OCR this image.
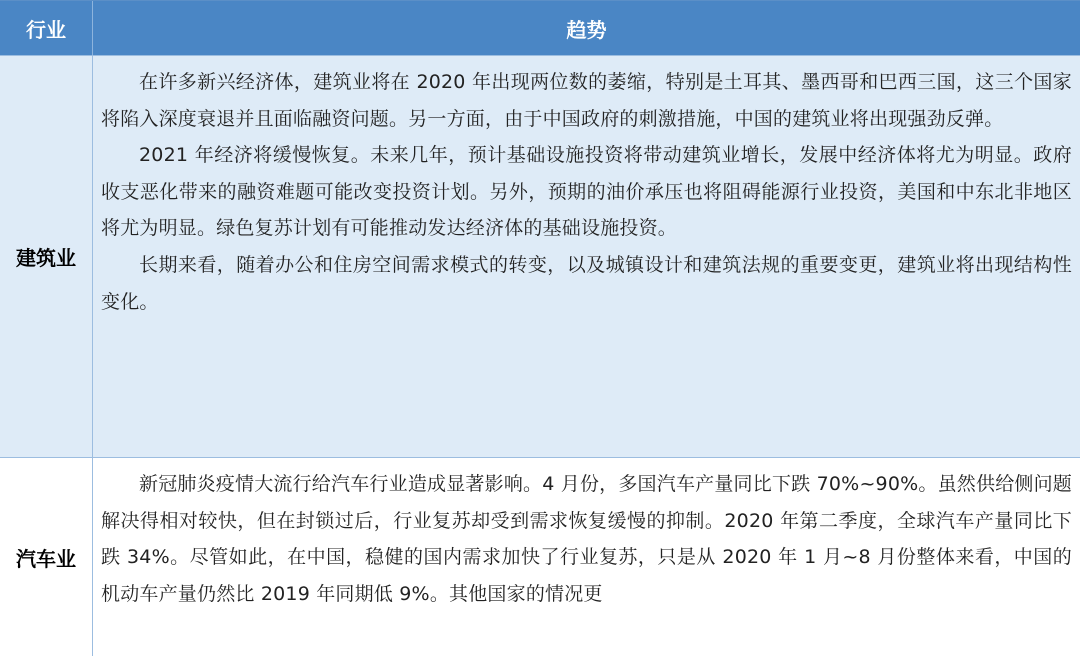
行业	趋势
建筑业

在许多新兴经济体，建筑业将在 2020 年出现两位数的萎缩，特别是土耳其、墨西哥和巴西三国，这三个国家将陷入深度衰退并且面临融资问题。另一方面，由于中国政府的刺激措施，中国的建筑业将出现强劲反弹。

2021 年经济将缓慢恢复。未来几年，预计基础设施投资将带动建筑业增长，发展中经济体将尤为明显。政府收支恶化带来的融资难题可能改变投资计划。另外，预期的油价承压也将阻碍能源行业投资，美国和中东北非地区将尤为明显。绿色复苏计划有可能推动发达经济体的基础设施投资。

长期来看，随着办公和住房空间需求模式的转变，以及城镇设计和建筑法规的重要变更，建筑业将出现结构性变化。

汽车业

新冠肺炎疫情大流行给汽车行业造成显著影响。4 月份，多国汽车产量同比下跌 70%~90%。虽然供给侧问题解决得相对较快，但在封锁过后，行业复苏却受到需求恢复缓慢的抑制。2020 年第二季度，全球汽车产量同比下跌 34%。尽管如此，在中国，稳健的国内需求加快了行业复苏，只是从 2020 年 1 月~8 月份整体来看，中国的机动车产量仍然比 2019 年同期低 9%。其他国家的情况更
